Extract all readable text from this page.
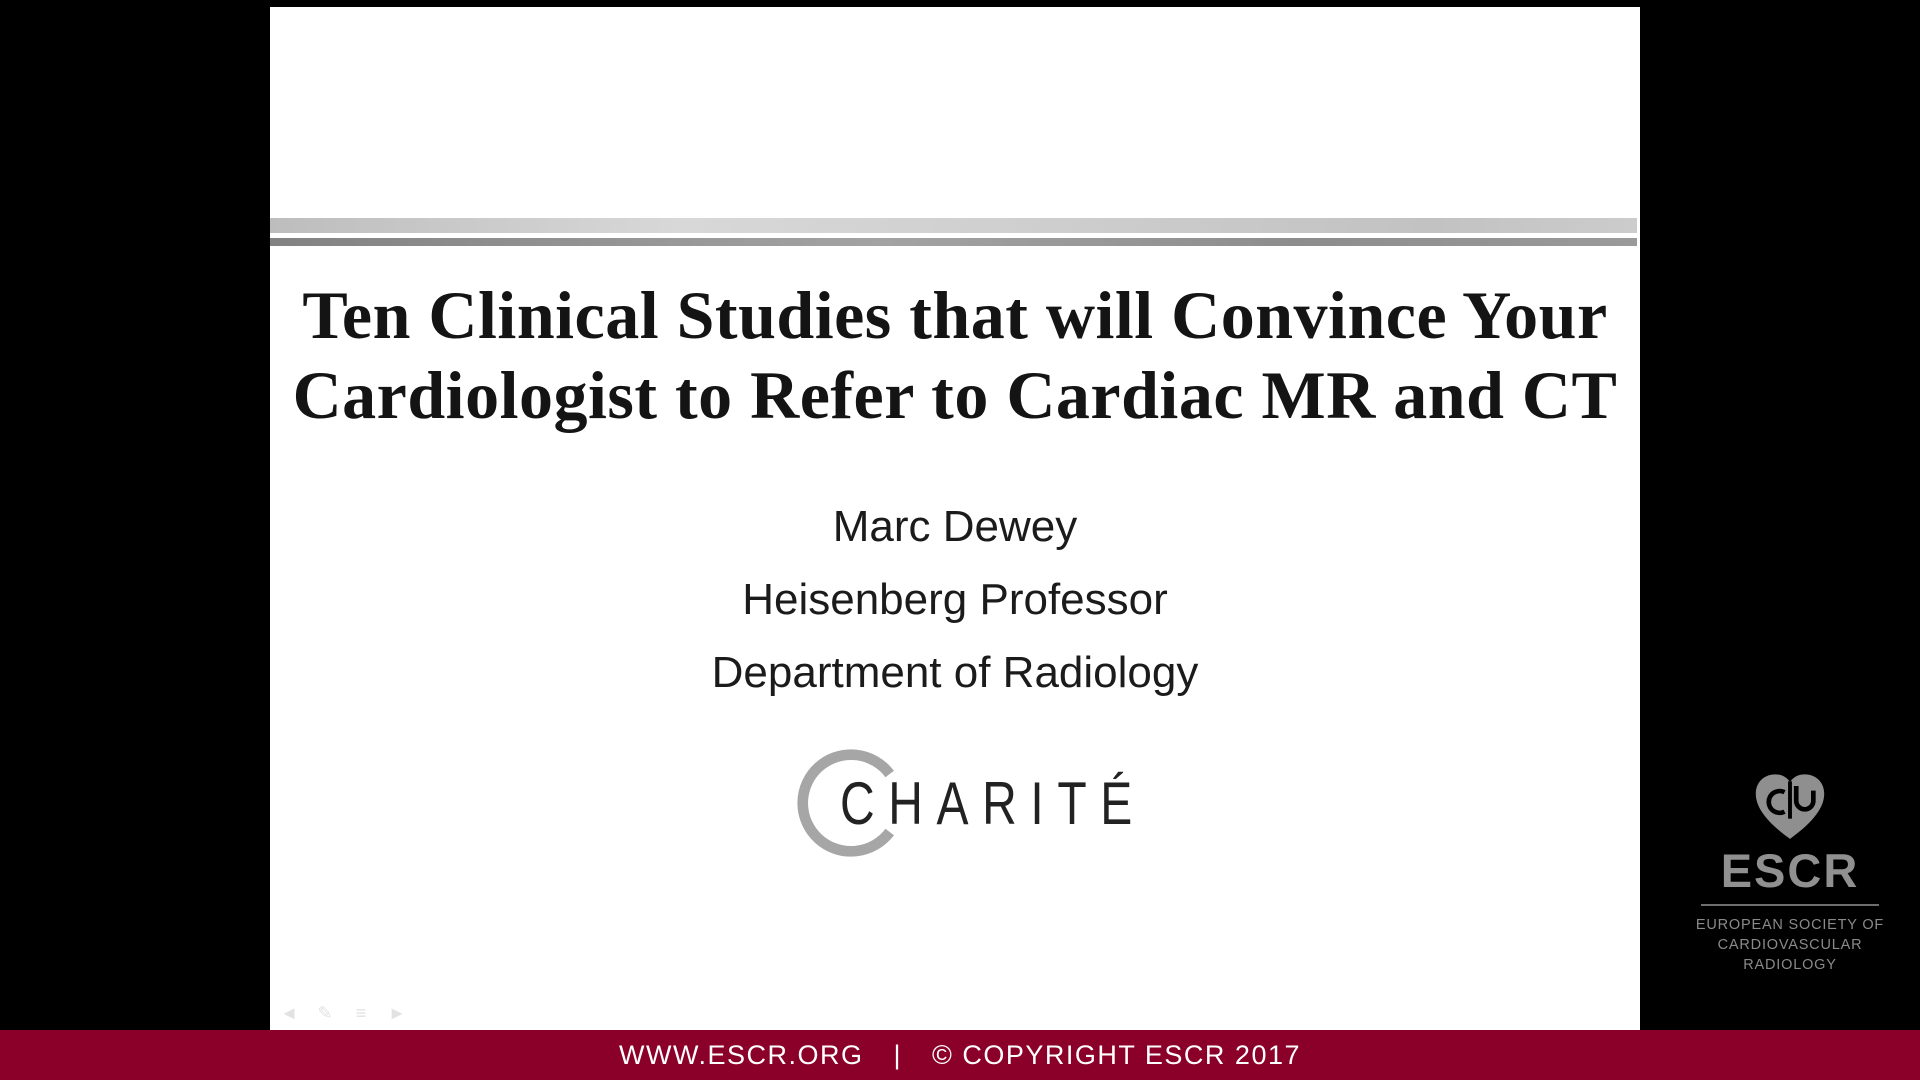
Ten Clinical Studies that will Convince Your
Cardiologist to Refer to Cardiac MR and CT
Marc Dewey
Heisenberg Professor
Department of Radiology
CHARITÉ
◄ ✎	≡	►
ESCR
EUROPEAN SOCIETY OF
CARDIOVASCULAR
RADIOLOGY
WWW.ESCR.ORG | © COPYRIGHT ESCR 2017
